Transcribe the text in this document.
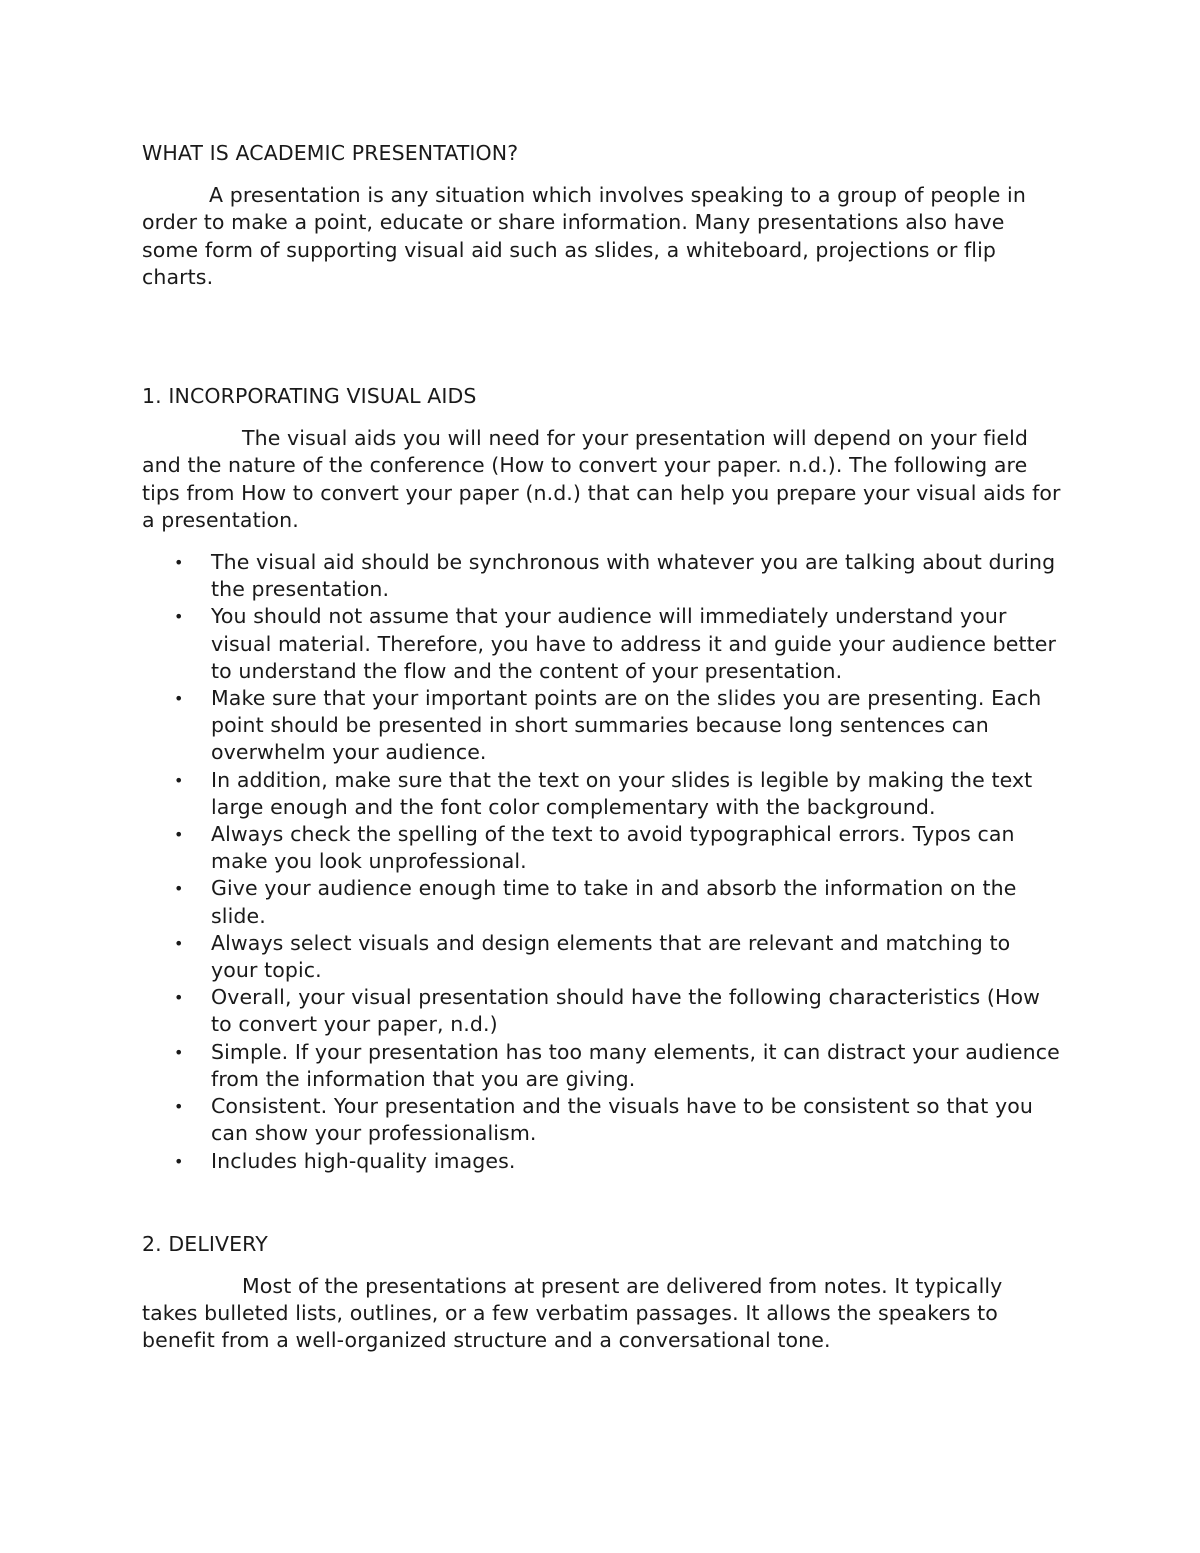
WHAT IS ACADEMIC PRESENTATION?

A presentation is any situation which involves speaking to a group of people in order to make a point, educate or share information. Many presentations also have some form of supporting visual aid such as slides, a whiteboard, projections or flip charts.

1. INCORPORATING VISUAL AIDS

The visual aids you will need for your presentation will depend on your field and the nature of the conference (How to convert your paper. n.d.). The following are tips from How to convert your paper (n.d.) that can help you prepare your visual aids for a presentation.

• The visual aid should be synchronous with whatever you are talking about during the presentation.
• You should not assume that your audience will immediately understand your visual material. Therefore, you have to address it and guide your audience better to understand the flow and the content of your presentation.
• Make sure that your important points are on the slides you are presenting. Each point should be presented in short summaries because long sentences can overwhelm your audience.
• In addition, make sure that the text on your slides is legible by making the text large enough and the font color complementary with the background.
• Always check the spelling of the text to avoid typographical errors. Typos can make you look unprofessional.
• Give your audience enough time to take in and absorb the information on the slide.
• Always select visuals and design elements that are relevant and matching to your topic.
• Overall, your visual presentation should have the following characteristics (How to convert your paper, n.d.)
• Simple. If your presentation has too many elements, it can distract your audience from the information that you are giving.
• Consistent. Your presentation and the visuals have to be consistent so that you can show your professionalism.
• Includes high-quality images.
2. DELIVERY

Most of the presentations at present are delivered from notes. It typically takes bulleted lists, outlines, or a few verbatim passages. It allows the speakers to benefit from a well-organized structure and a conversational tone.
